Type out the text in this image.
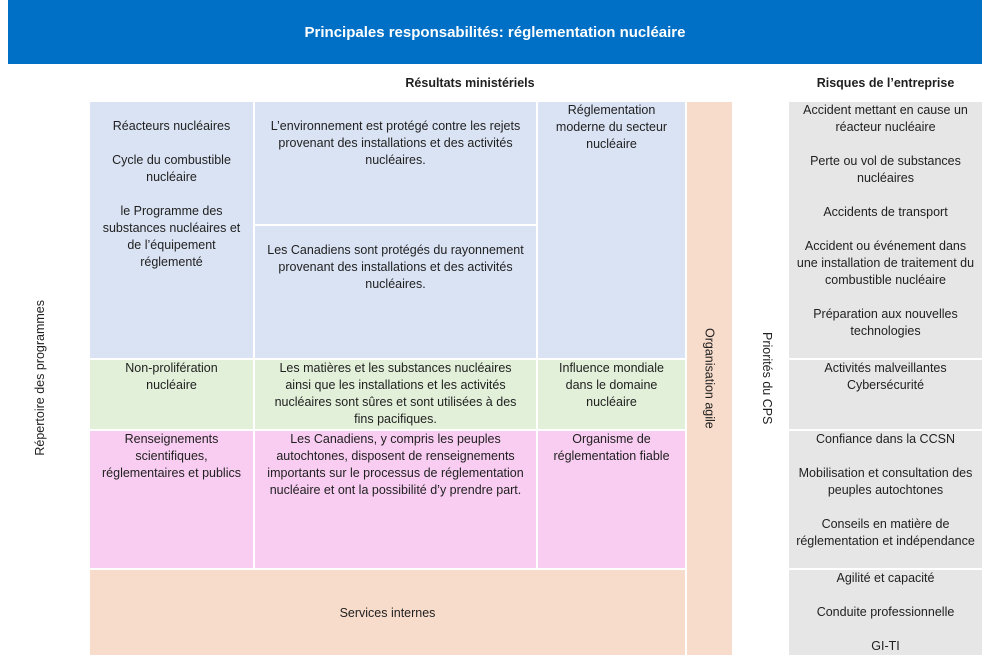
Principales responsabilités: réglementation nucléaire
Résultats ministériels	Risques de l’entreprise
Répertoire des programmes

Réacteurs nucléaires

Cycle du combustible nucléaire

le Programme des substances nucléaires et de l’équipement réglementé

L’environnement est protégé contre les rejets provenant des installations et des activités nucléaires.

Les Canadiens sont protégés du rayonnement provenant des installations et des activités nucléaires.

Réglementation moderne du secteur nucléaire

Non-prolifération nucléaire

Les matières et les substances nucléaires ainsi que les installations et les activités nucléaires sont sûres et sont utilisées à des fins pacifiques.

Influence mondiale dans le domaine nucléaire

Renseignements scientifiques, réglementaires et publics

Les Canadiens, y compris les peuples autochtones, disposent de renseignements importants sur le processus de réglementation nucléaire et ont la possibilité d’y prendre part.

Organisme de réglementation fiable

Services internes
Organisation agile	Priorités du CPS

Accident mettant en cause un réacteur nucléaire

Perte ou vol de substances nucléaires

Accidents de transport

Accident ou événement dans une installation de traitement du combustible nucléaire

Préparation aux nouvelles technologies

Activités malveillantes
Cybersécurité

Confiance dans la CCSN

Mobilisation et consultation des peuples autochtones

Conseils en matière de réglementation et indépendance

Agilité et capacité

Conduite professionnelle

GI-TI
